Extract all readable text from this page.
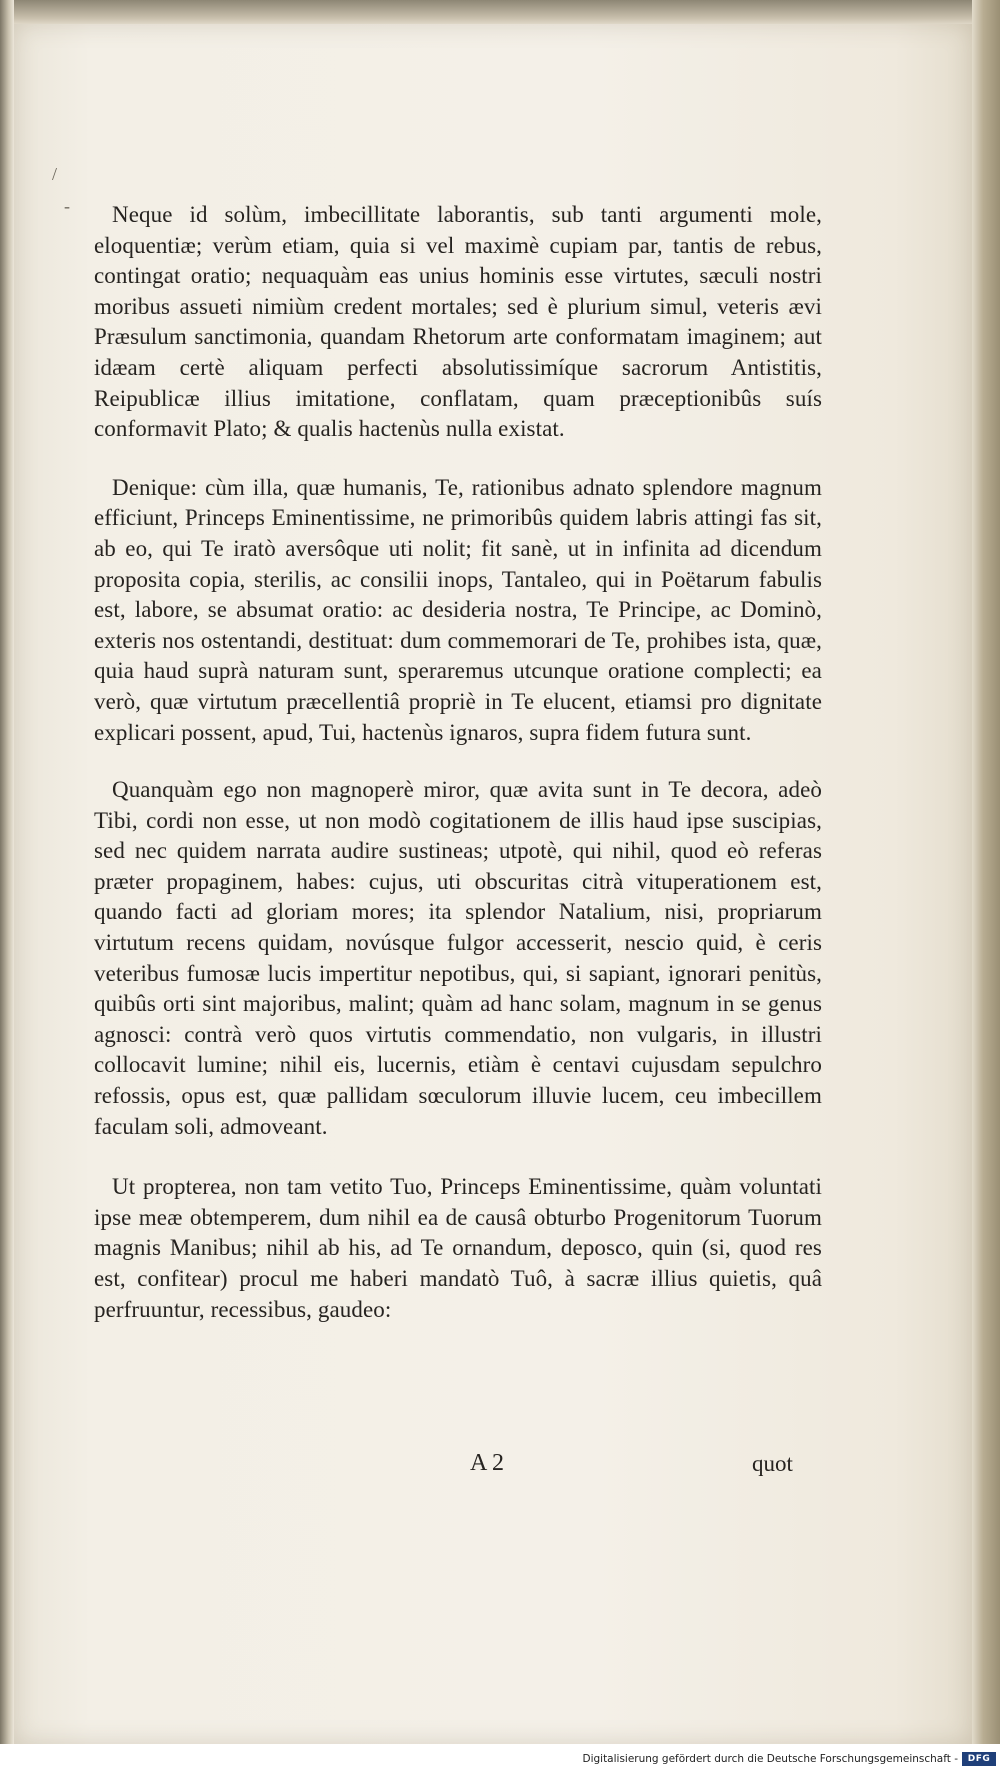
/
-	Neque id solùm, imbecillitate laborantis, sub tanti argumenti mole, eloquentiæ; verùm etiam, quia si vel maximè cupiam par, tantis de rebus, contingat oratio; nequaquàm eas unius hominis esse virtutes, sæculi nostri moribus assueti nimiùm credent mortales; sed è plurium simul, veteris ævi Præsulum sanctimonia, quandam Rhetorum arte conformatam imaginem; aut idæam certè aliquam perfecti absolutissimíque sacrorum Antistitis, Reipublicæ illius imitatione, conflatam, quam præceptionibûs suís conformavit Plato; & qualis hactenùs nulla existat.

Denique: cùm illa, quæ humanis, Te, rationibus adnato splendore magnum efficiunt, Princeps Eminentissime, ne primoribûs quidem labris attingi fas sit, ab eo, qui Te iratò aversôque uti nolit; fit sanè, ut in infinita ad dicendum proposita copia, sterilis, ac consilii inops, Tantaleo, qui in Poëtarum fabulis est, labore, se absumat oratio: ac desideria nostra, Te Principe, ac Dominò, exteris nos ostentandi, destituat: dum commemorari de Te, prohibes ista, quæ, quia haud suprà naturam sunt, speraremus utcunque oratione complecti; ea verò, quæ virtutum præcellentiâ propriè in Te elucent, etiamsi pro dignitate explicari possent, apud, Tui, hactenùs ignaros, supra fidem futura sunt.

Quanquàm ego non magnoperè miror, quæ avita sunt in Te decora, adeò Tibi, cordi non esse, ut non modò cogitationem de illis haud ipse suscipias, sed nec quidem narrata audire sustineas; utpotè, qui nihil, quod eò referas præter propaginem, habes: cujus, uti obscuritas citrà vituperationem est, quando facti ad gloriam mores; ita splendor Natalium, nisi, propriarum virtutum recens quidam, novúsque fulgor accesserit, nescio quid, è ceris veteribus fumosæ lucis impertitur nepotibus, qui, si sapiant, ignorari penitùs, quibûs orti sint majoribus, malint; quàm ad hanc solam, magnum in se genus agnosci: contrà verò quos virtutis commendatio, non vulgaris, in illustri collocavit lumine; nihil eis, lucernis, etiàm è centavi cujusdam sepulchro refossis, opus est, quæ pallidam sœculorum illuvie lucem, ceu imbecillem faculam soli, admoveant.

Ut propterea, non tam vetito Tuo, Princeps Eminentissime, quàm voluntati ipse meæ obtemperem, dum nihil ea de causâ obturbo Progenitorum Tuorum magnis Manibus; nihil ab his, ad Te ornandum, deposco, quin (si, quod res est, confitear) procul me haberi mandatò Tuô, à sacræ illius quietis, quâ perfruuntur, recessibus, gaudeo:

A 2	quot
Digitalisierung gefördert durch die Deutsche Forschungsgemeinschaft -	DFG
